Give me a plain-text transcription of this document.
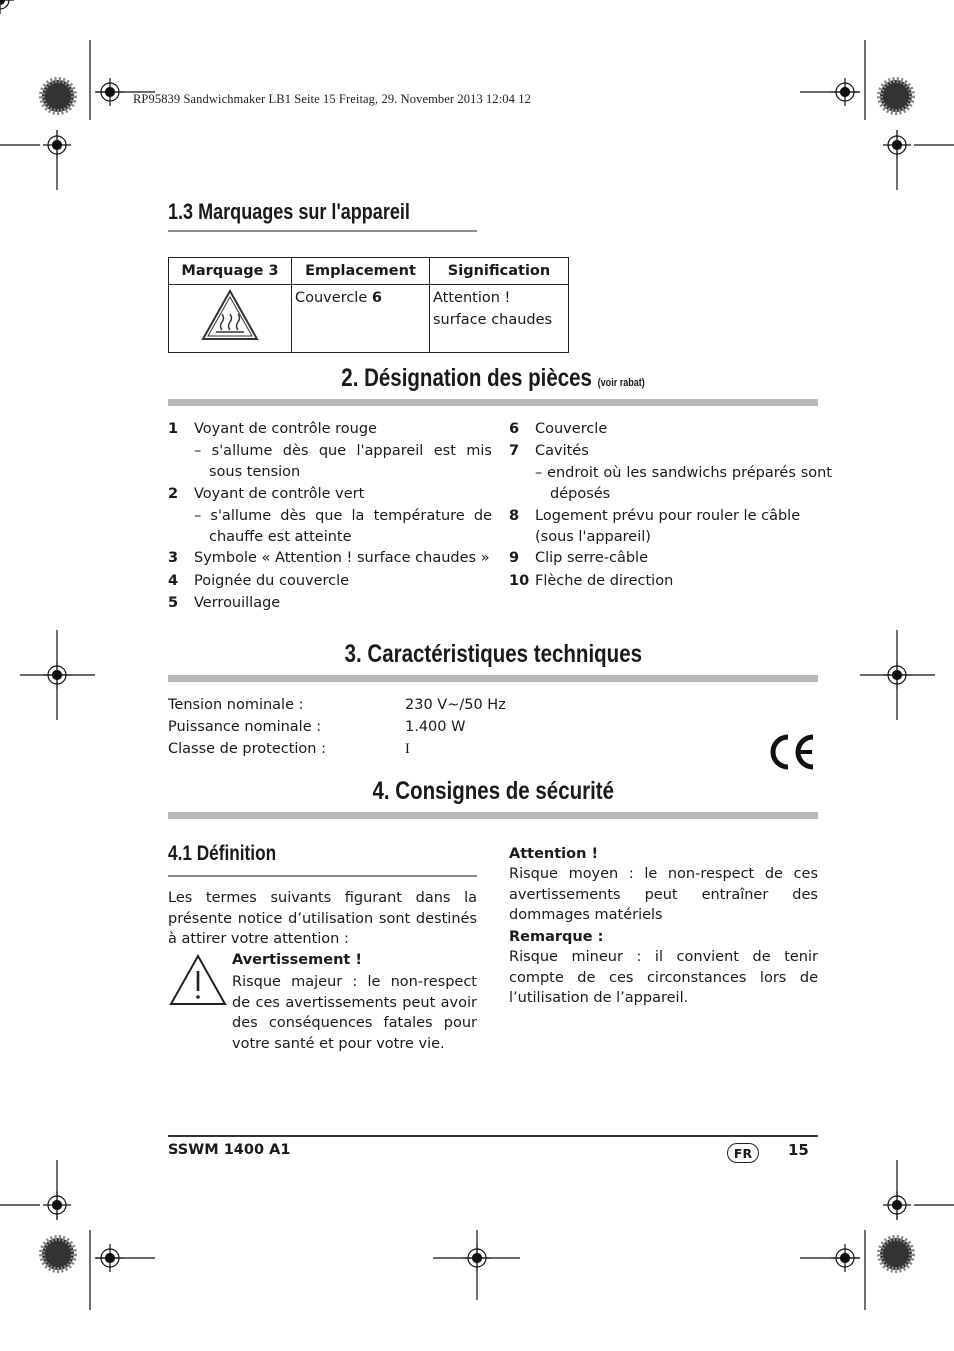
RP95839 Sandwichmaker LB1 Seite 15 Freitag, 29. November 2013 12:04 12
1.3 Marquages sur l'appareil
Marquage 3	Emplacement	Signification
	Couvercle 6	Attention ! surface chaudes
2. Désignation des pièces (voir rabat)
1 Voyant de contrôle rouge
– s'allume dès que l'appareil est mis sous tension
2 Voyant de contrôle vert
– s'allume dès que la température de chauffe est atteinte
3 Symbole « Attention ! surface chaudes »
4 Poignée du couvercle
5 Verrouillage
6 Couvercle
7 Cavités
– endroit où les sandwichs préparés sont déposés
8	Logement prévu pour rouler le câble (sous l'appareil)
9 Clip serre-câble
10 Flèche de direction
3. Caractéristiques techniques
Tension nominale :	230 V~/50 Hz
Puissance nominale :	1.400 W
Classe de protection :	I
4. Consignes de sécurité
4.1 Définition
Les termes suivants figurant dans la présente notice d’utilisation sont destinés à attirer votre attention :
Avertissement !
Risque majeur : le non-respect de ces avertissements peut avoir des conséquences fatales pour votre santé et pour votre vie.
Attention !
Risque moyen : le non-respect de ces avertissements peut entraîner des dommages matériels
Remarque :
Risque mineur : il convient de tenir compte de ces circonstances lors de l’utilisation de l’appareil.
SSWM 1400 A1	FR	15
